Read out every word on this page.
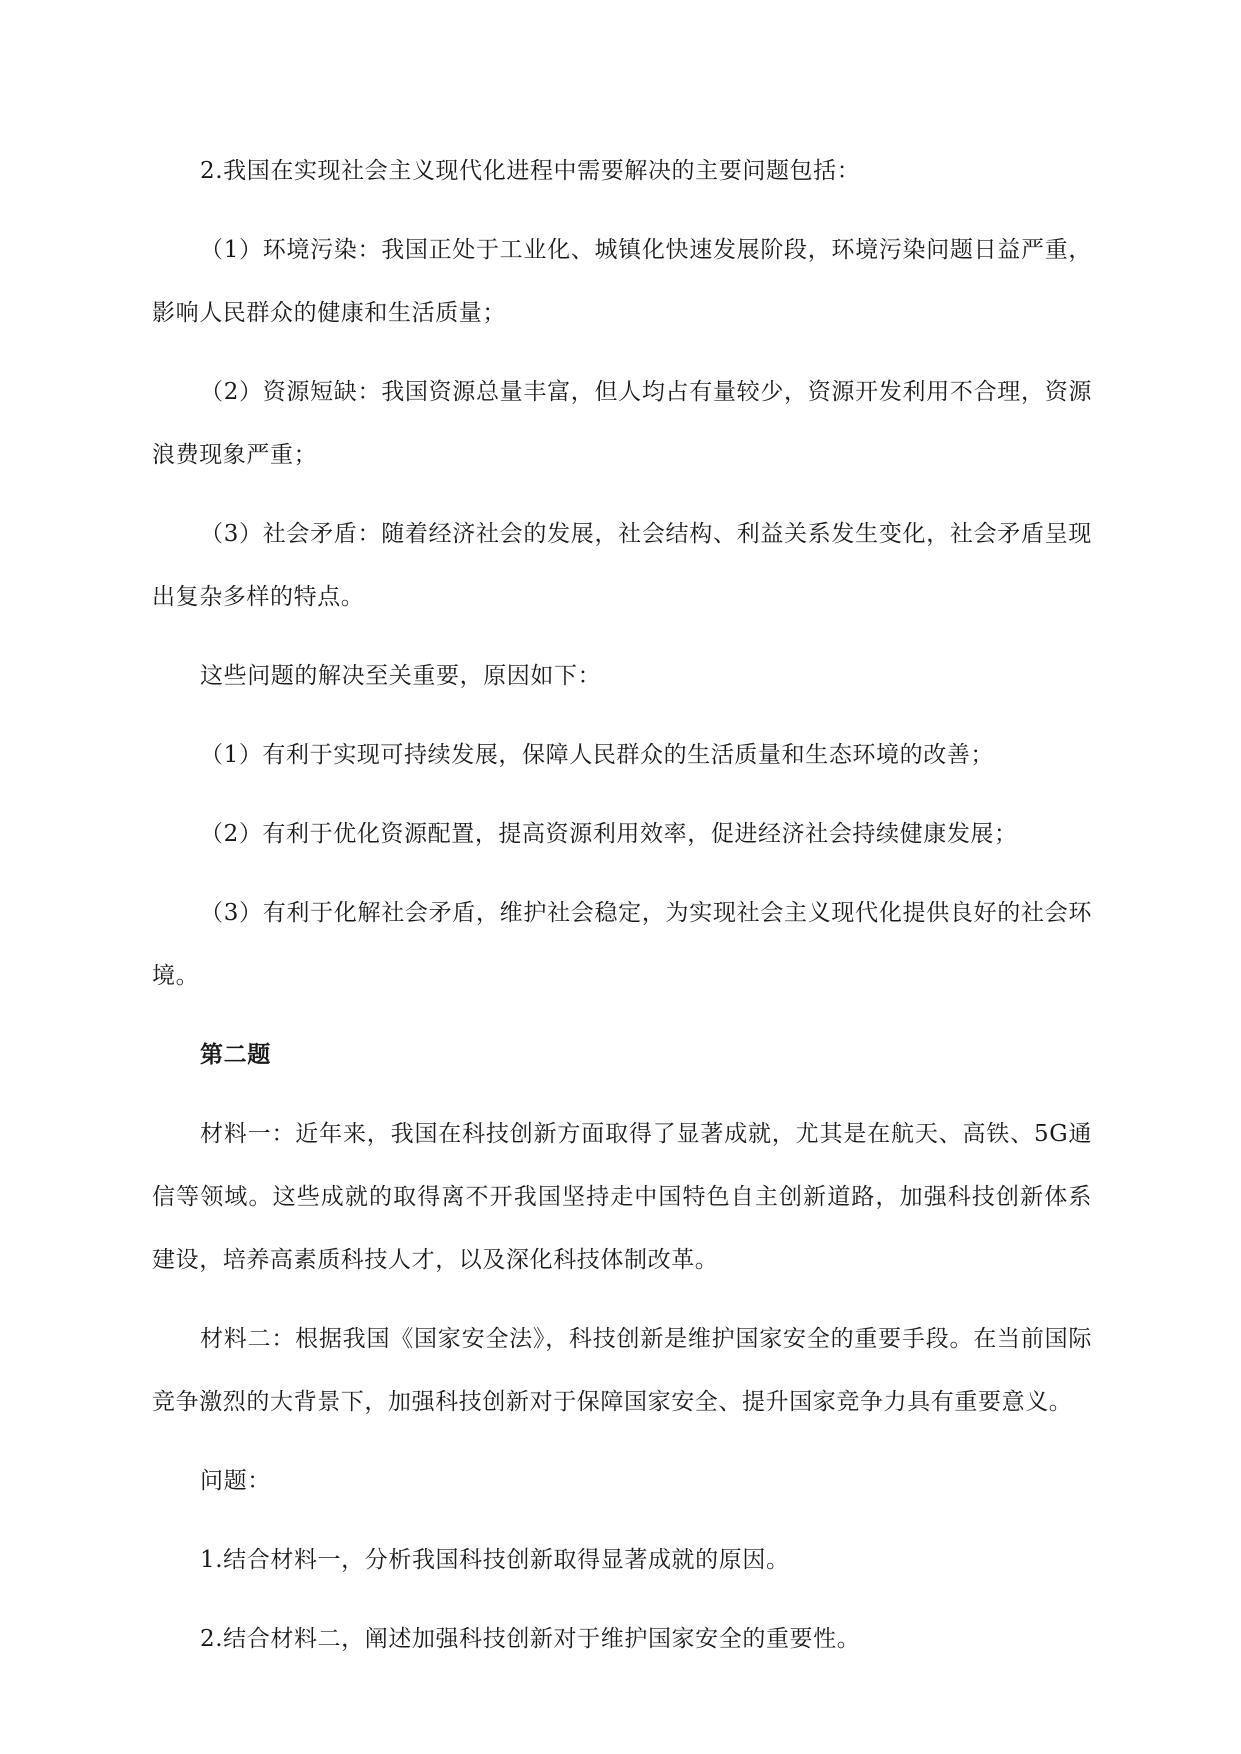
2.我国在实现社会主义现代化进程中需要解决的主要问题包括：

（1）环境污染：我国正处于工业化、城镇化快速发展阶段，环境污染问题日益严重，影响人民群众的健康和生活质量；

（2）资源短缺：我国资源总量丰富，但人均占有量较少，资源开发利用不合理，资源浪费现象严重；

（3）社会矛盾：随着经济社会的发展，社会结构、利益关系发生变化，社会矛盾呈现出复杂多样的特点。

这些问题的解决至关重要，原因如下：

（1）有利于实现可持续发展，保障人民群众的生活质量和生态环境的改善；

（2）有利于优化资源配置，提高资源利用效率，促进经济社会持续健康发展；

（3）有利于化解社会矛盾，维护社会稳定，为实现社会主义现代化提供良好的社会环境。

第二题

材料一：近年来，我国在科技创新方面取得了显著成就，尤其是在航天、高铁、5G通信等领域。这些成就的取得离不开我国坚持走中国特色自主创新道路，加强科技创新体系建设，培养高素质科技人才，以及深化科技体制改革。

材料二：根据我国《国家安全法》，科技创新是维护国家安全的重要手段。在当前国际竞争激烈的大背景下，加强科技创新对于保障国家安全、提升国家竞争力具有重要意义。

问题：

1.结合材料一，分析我国科技创新取得显著成就的原因。

2.结合材料二，阐述加强科技创新对于维护国家安全的重要性。
